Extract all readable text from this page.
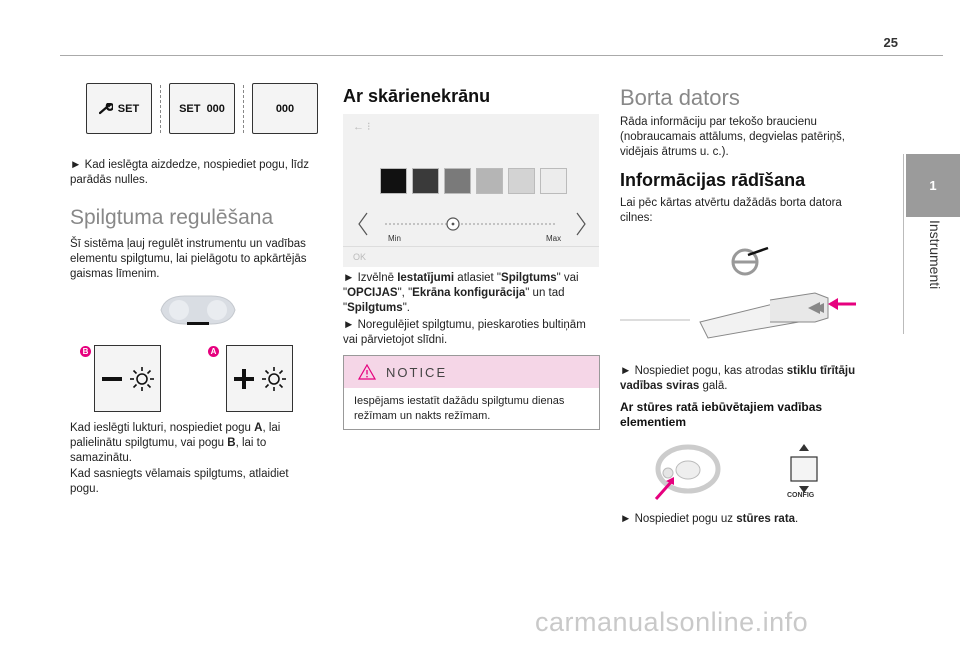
25
1
Instrumenti
SET	SET  000	000
► Kad ieslēgta aizdedze, nospiediet pogu, līdz parādās nulles.
Spilgtuma regulēšana
Šī sistēma ļauj regulēt instrumentu un vadības elementu spilgtumu, lai pielāgotu to apkārtējās gaismas līmenim.
B	A
Kad ieslēgti lukturi, nospiediet pogu A, lai palielinātu spilgtumu, vai pogu B, lai to samazinātu.
Kad sasniegts vēlamais spilgtums, atlaidiet pogu.
Ar skārienekrānu
← ⁝
Min	Max
OK
► Izvēlnē Iestatījumi atlasiet "Spilgtums" vai "OPCIJAS", "Ekrāna konfigurācija" un tad "Spilgtums".
► Noregulējiet spilgtumu, pieskaroties bultiņām vai pārvietojot slīdni.
NOTICE
Iespējams iestatīt dažādu spilgtumu dienas režīmam un nakts režīmam.
Borta dators
Rāda informāciju par tekošo braucienu (nobraucamais attālums, degvielas patēriņš, vidējais ātrums u. c.).
Informācijas rādīšana
Lai pēc kārtas atvērtu dažādās borta datora cilnes:
► Nospiediet pogu, kas atrodas stiklu tīrītāju vadības sviras galā.
Ar stūres ratā iebūvētajiem vadības elementiem
CONFIG
► Nospiediet pogu uz stūres rata.
carmanualsonline.info
